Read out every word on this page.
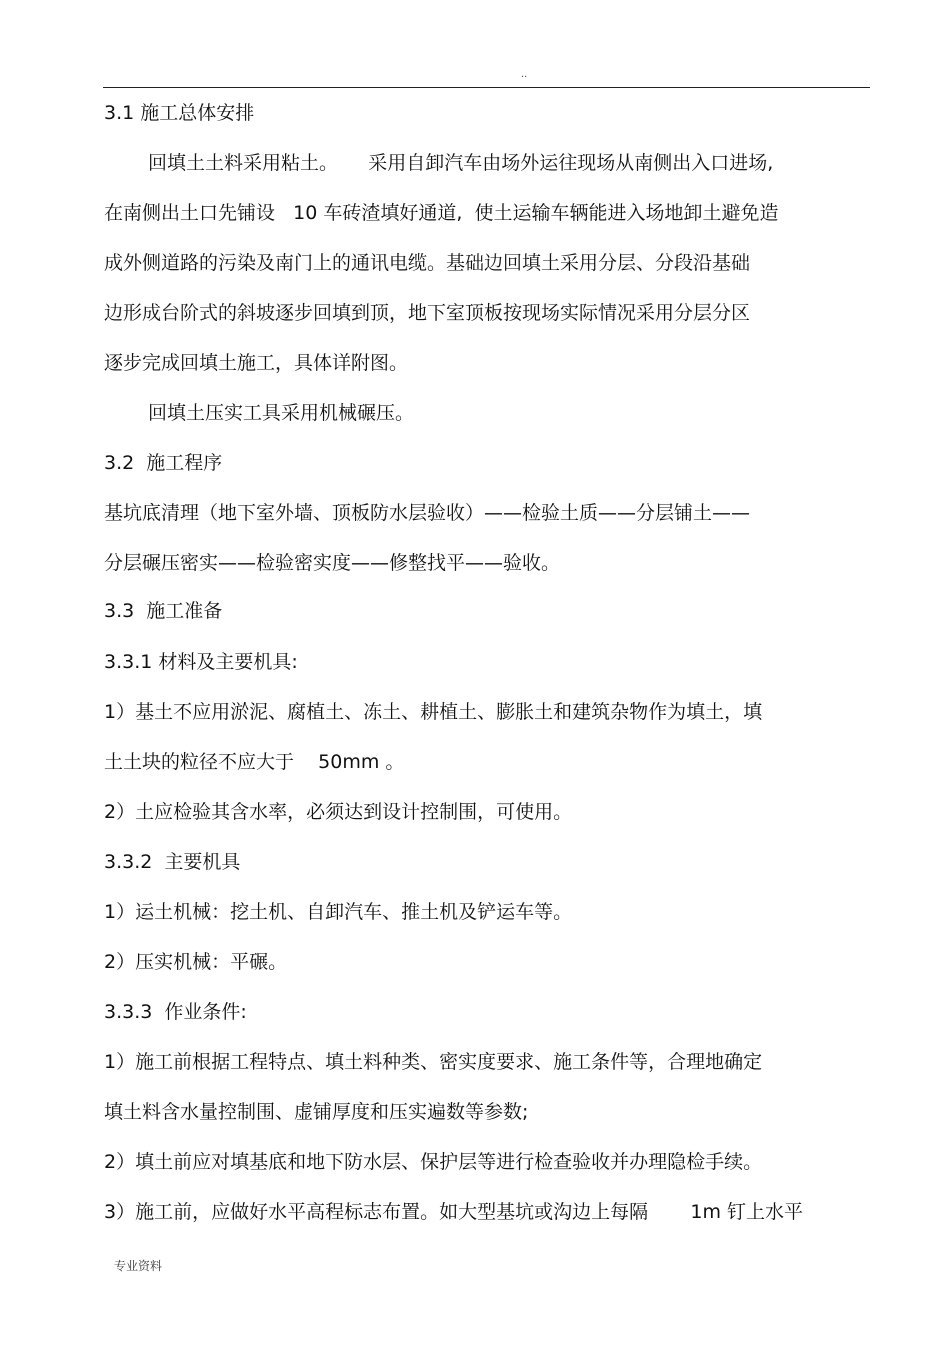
··
3.1 施工总体安排
回填土土料采用粘土。     采用自卸汽车由场外运往现场从南侧出入口进场,
在南侧出土口先铺设   10 车砖渣填好通道,  使土运输车辆能进入场地卸土避免造
成外侧道路的污染及南门上的通讯电缆。基础边回填土采用分层、分段沿基础
边形成台阶式的斜坡逐步回填到顶，地下室顶板按现场实际情况采用分层分区
逐步完成回填土施工，具体详附图。
回填土压实工具采用机械碾压。
3.2  施工程序
基坑底清理（地下室外墙、顶板防水层验收）——检验土质——分层铺土——
分层碾压密实——检验密实度——修整找平——验收。
3.3  施工准备
3.3.1 材料及主要机具:
1）基土不应用淤泥、腐植土、冻土、耕植土、膨胀土和建筑杂物作为填土，填
土土块的粒径不应大于    50mm 。
2）土应检验其含水率，必须达到设计控制围，可使用。
3.3.2  主要机具
1）运土机械：挖土机、自卸汽车、推土机及铲运车等。
2）压实机械：平碾。
3.3.3  作业条件:
1）施工前根据工程特点、填土料种类、密实度要求、施工条件等，合理地确定
填土料含水量控制围、虚铺厚度和压实遍数等参数;
2）填土前应对填基底和地下防水层、保护层等进行检查验收并办理隐检手续。
3）施工前，应做好水平高程标志布置。如大型基坑或沟边上每隔       1m 钉上水平
专业资料
